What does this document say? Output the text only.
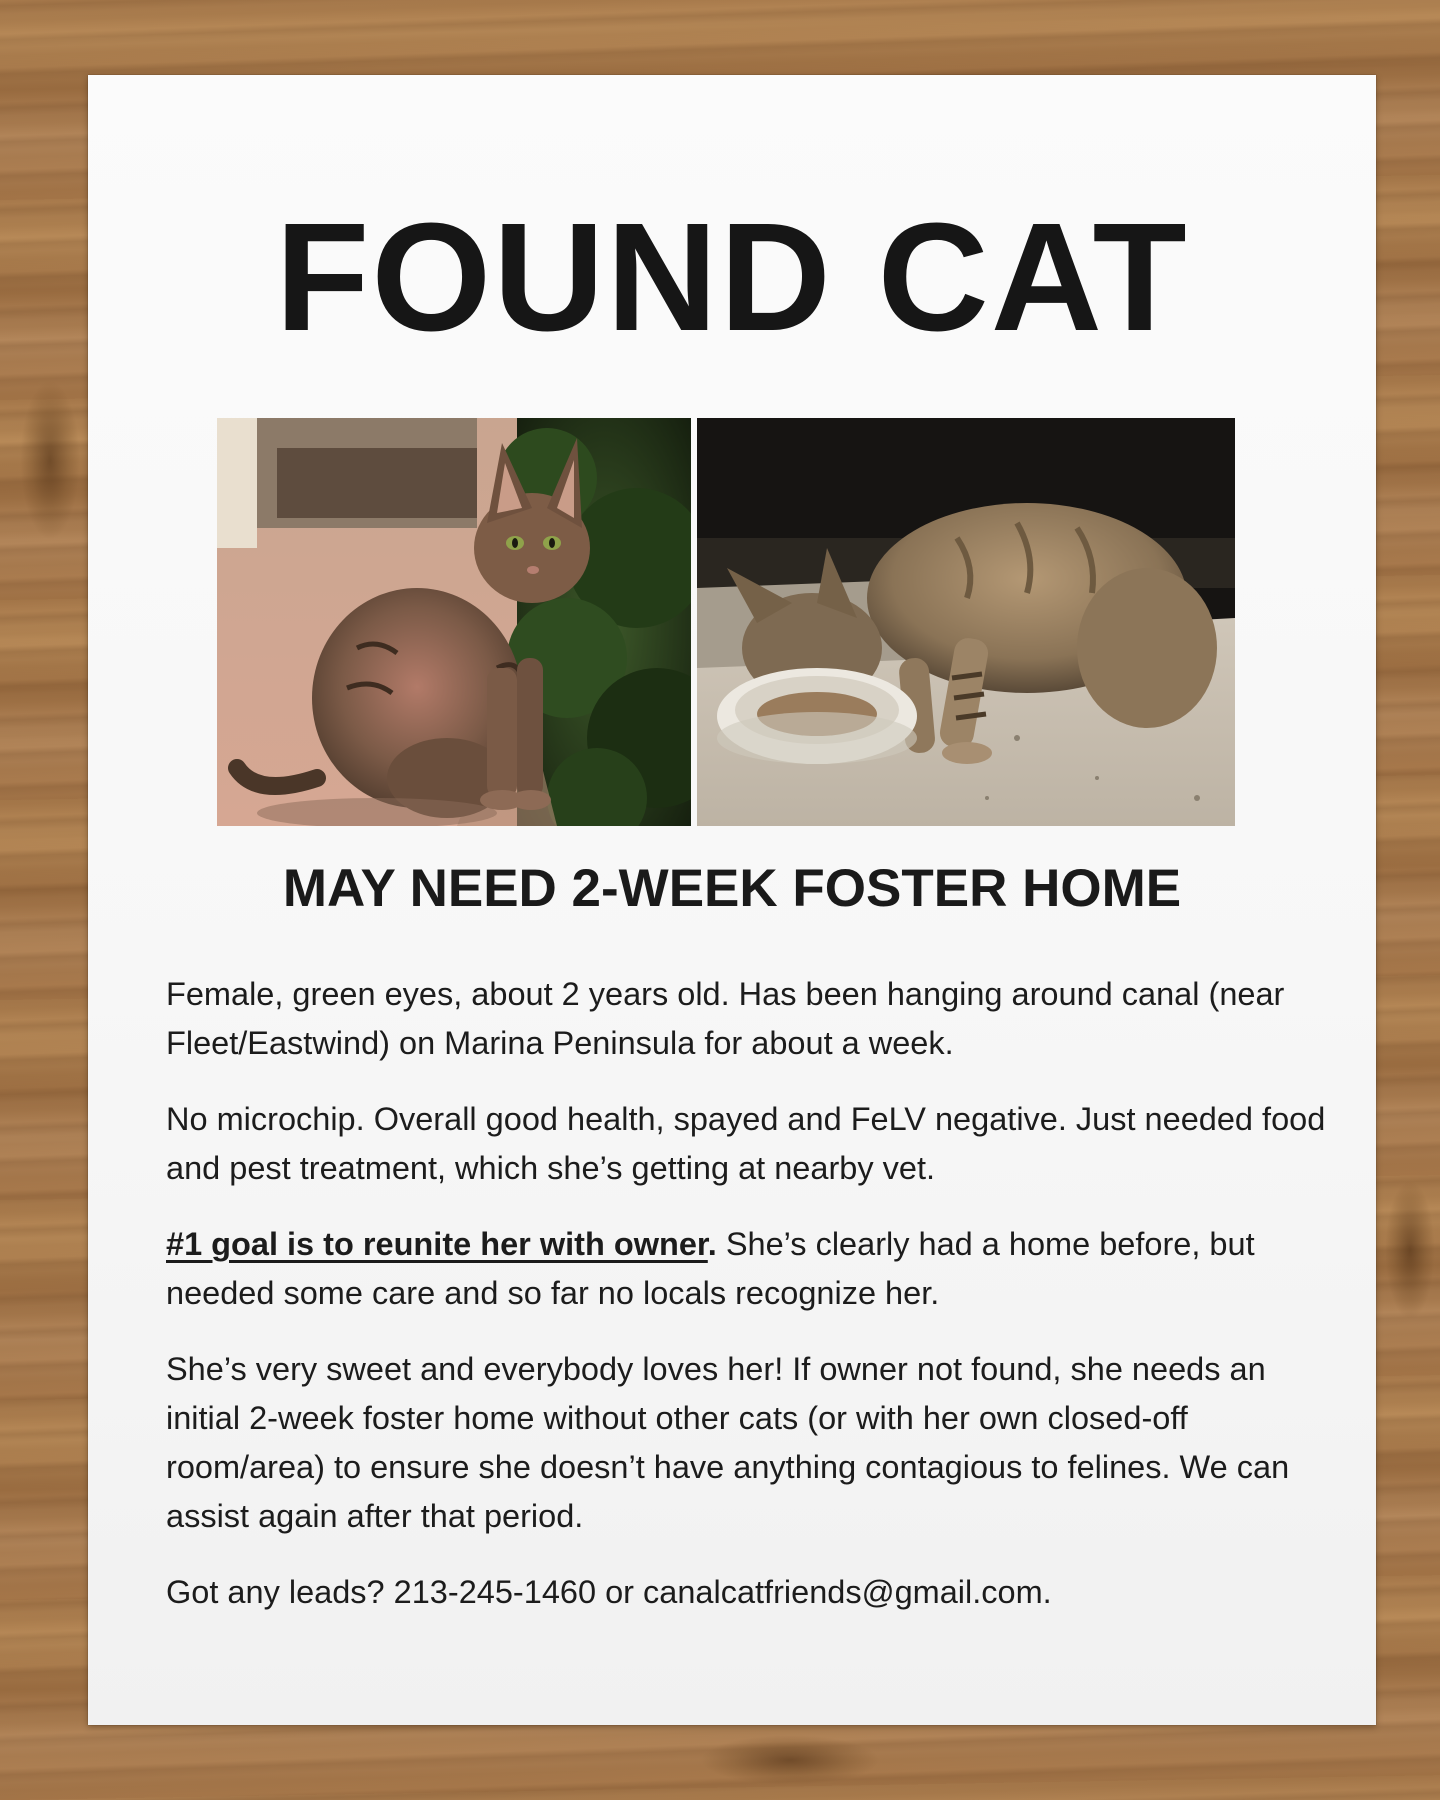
FOUND CAT
MAY NEED 2-WEEK FOSTER HOME

Female, green eyes, about 2 years old. Has been hanging around canal (near Fleet/Eastwind) on Marina Peninsula for about a week.

No microchip. Overall good health, spayed and FeLV negative. Just needed food and pest treatment, which she’s getting at nearby vet.

#1 goal is to reunite her with owner. She’s clearly had a home before, but needed some care and so far no locals recognize her.

She’s very sweet and everybody loves her! If owner not found, she needs an initial 2-week foster home without other cats (or with her own closed-off room/area) to ensure she doesn’t have anything contagious to felines. We can assist again after that period.

Got any leads? 213-245-1460 or canalcatfriends@gmail.com.
